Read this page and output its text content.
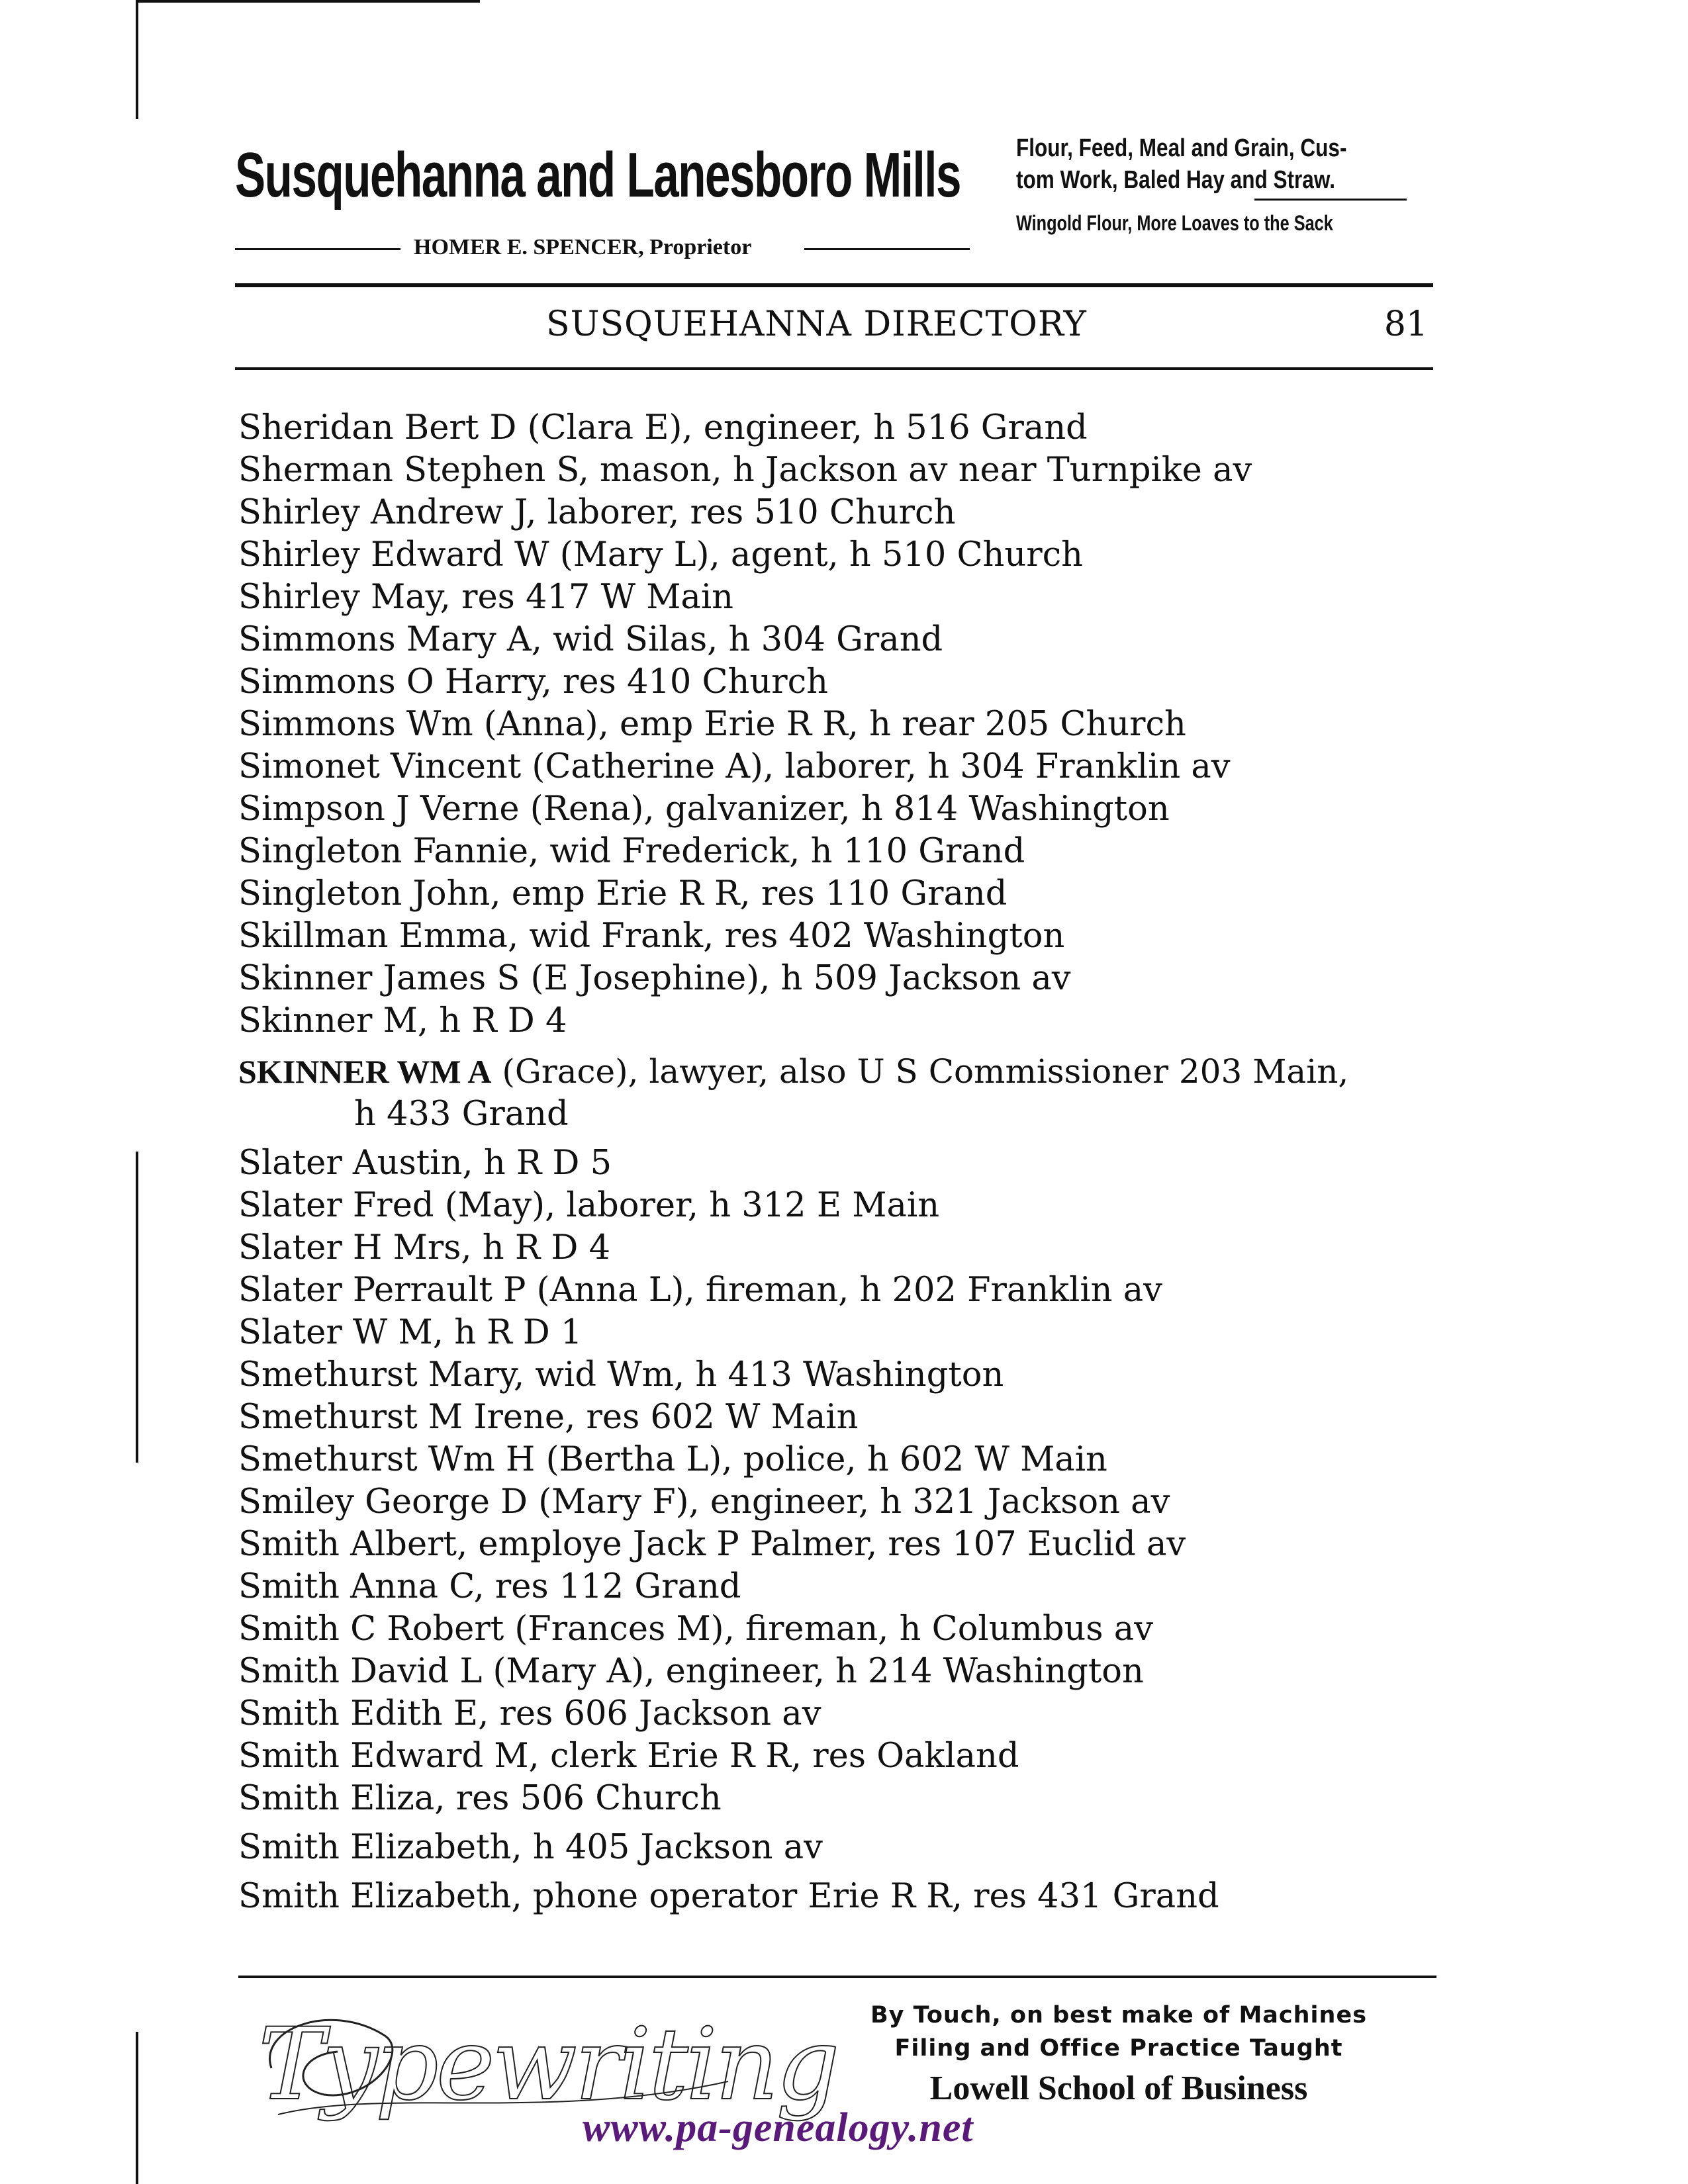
Susquehanna and Lanesboro Mills
HOMER E. SPENCER, Proprietor
Flour, Feed, Meal and Grain, Cus-
tom Work, Baled Hay and Straw.
Wingold Flour, More Loaves to the Sack
SUSQUEHANNA DIRECTORY	81
Sheridan Bert D (Clara E), engineer, h 516 Grand
Sherman Stephen S, mason, h Jackson av near Turnpike av
Shirley Andrew J, laborer, res 510 Church
Shirley Edward W (Mary L), agent, h 510 Church
Shirley May, res 417 W Main
Simmons Mary A, wid Silas, h 304 Grand
Simmons O Harry, res 410 Church
Simmons Wm (Anna), emp Erie R R, h rear 205 Church
Simonet Vincent (Catherine A), laborer, h 304 Franklin av
Simpson J Verne (Rena), galvanizer, h 814 Washington
Singleton Fannie, wid Frederick, h 110 Grand
Singleton John, emp Erie R R, res 110 Grand
Skillman Emma, wid Frank, res 402 Washington
Skinner James S (E Josephine), h 509 Jackson av
Skinner M, h R D 4
SKINNER WM A (Grace), lawyer, also U S Commissioner 203 Main,
h 433 Grand
Slater Austin, h R D 5
Slater Fred (May), laborer, h 312 E Main
Slater H Mrs, h R D 4
Slater Perrault P (Anna L), fireman, h 202 Franklin av
Slater W M, h R D 1
Smethurst Mary, wid Wm, h 413 Washington
Smethurst M Irene, res 602 W Main
Smethurst Wm H (Bertha L), police, h 602 W Main
Smiley George D (Mary F), engineer, h 321 Jackson av
Smith Albert, employe Jack P Palmer, res 107 Euclid av
Smith Anna C, res 112 Grand
Smith C Robert (Frances M), fireman, h Columbus av
Smith David L (Mary A), engineer, h 214 Washington
Smith Edith E, res 606 Jackson av
Smith Edward M, clerk Erie R R, res Oakland
Smith Eliza, res 506 Church
Smith Elizabeth, h 405 Jackson av
Smith Elizabeth, phone operator Erie R R, res 431 Grand
Typewriting	By Touch, on best make of Machines
Filing and Office Practice Taught
Lowell School of Business
www.pa-genealogy.net
